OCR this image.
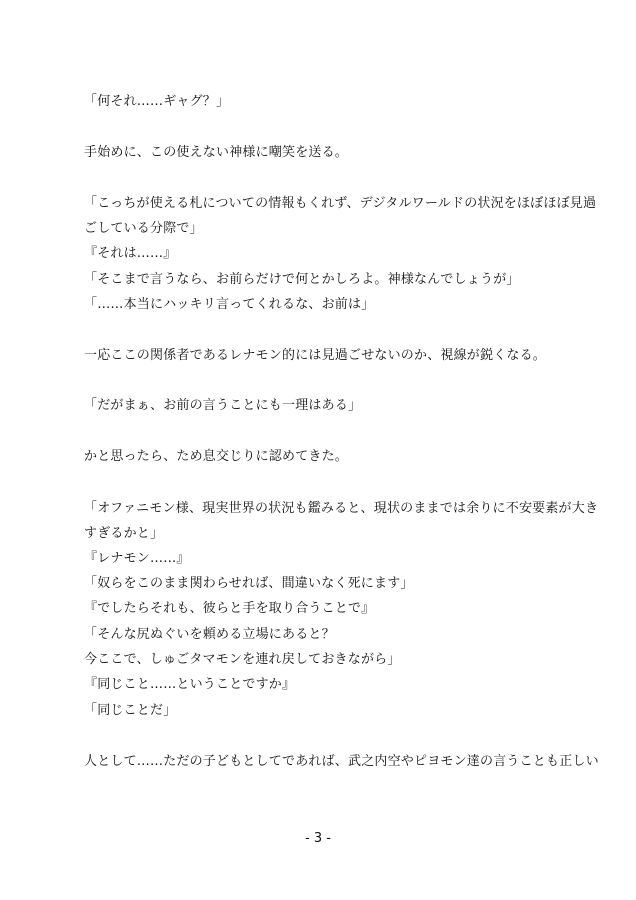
「何それ……ギャグ？」
手始めに、この使えない神様に嘲笑を送る。
「こっちが使える札についての情報もくれず、デジタルワールドの状況をほぼほぼ見過
ごしている分際で」
『それは……』
「そこまで言うなら、お前らだけで何とかしろよ。神様なんでしょうが」
「……本当にハッキリ言ってくれるな、お前は」
一応ここの関係者であるレナモン的には見過ごせないのか、視線が鋭くなる。
「だがまぁ、お前の言うことにも一理はある」
かと思ったら、ため息交じりに認めてきた。
「オファニモン様、現実世界の状況も鑑みると、現状のままでは余りに不安要素が大き
すぎるかと」
『レナモン……』
「奴らをこのまま関わらせれば、間違いなく死にます」
『でしたらそれも、彼らと手を取り合うことで』
「そんな尻ぬぐいを頼める立場にあると？
今ここで、しゅごタマモンを連れ戻しておきながら」
『同じこと……ということですか』
「同じことだ」
人として……ただの子どもとしてであれば、武之内空やピヨモン達の言うことも正しい
- 3 -
